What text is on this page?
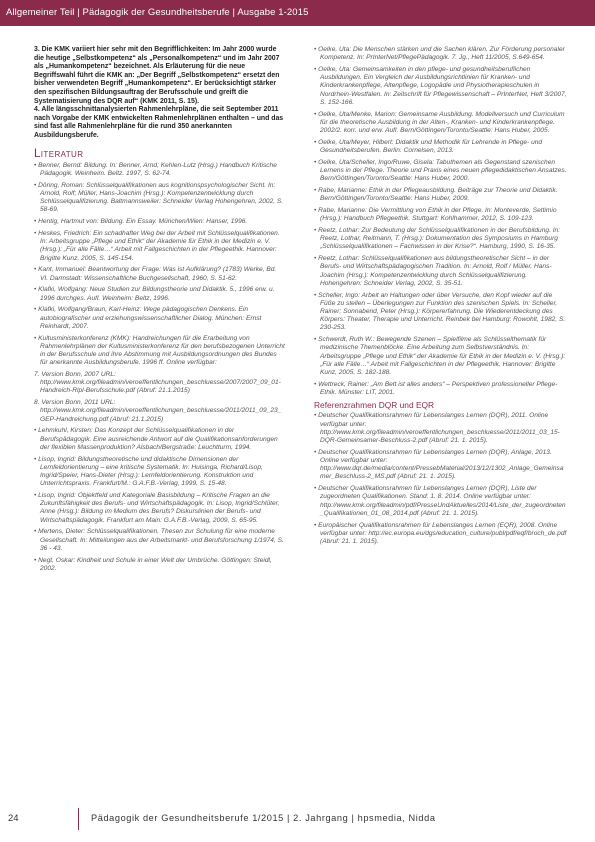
Allgemeiner Teil | Pädagogik der Gesundheitsberufe | Ausgabe 1-2015

3. Die KMK variiert hier sehr mit den Begrifflichkeiten: Im Jahr 2000 wurde die heutige „Selbstkompetenz“ als „Personalkompetenz“ und im Jahr 2007 als „Humankompetenz“ bezeichnet. Als Erläuterung für die neue Begriffswahl führt die KMK an: „Der Begriff „Selbstkompetenz“ ersetzt den bisher verwendeten Begriff „Humankompetenz“. Er berücksichtigt stärker den spezifischen Bildungsauftrag der Berufsschule und greift die Systematisierung des DQR auf“ (KMK 2011, S. 15).

4. Alle längsschnittanalysierten Rahmenlehrpläne, die seit September 2011 nach Vorgabe der KMK entwickelten Rahmenlehrplänen enthalten – und das sind fast alle Rahmenlehrpläne für die rund 350 anerkannten Ausbildungsberufe.

Literatur

• Benner, Bernd: Bildung. In: Benner, Arnd; Kehlen-Lutz (Hrsg.) Handbuch Kritische Pädagogik. Weinheim. Beltz. 1997, S. 62-74.

• Döring, Roman: Schlüsselqualifikationen aus kognitionspsychologischer Sicht. In: Arnold, Rolf; Müller, Hans-Joachim (Hrsg.): Kompetenzentwicklung durch Schlüsselqualifizierung. Baltmannsweiler: Schneider Verlag Hohengehren, 2002, S. 58-69.

• Hentig, Hartmut von: Bildung. Ein Essay. München/Wien: Hanser, 1996.

• Heskes, Friedrich: Ein schadhafter Weg bei der Arbeit mit Schlüsselqualifikationen. In: Arbeitsgruppe „Pflege und Ethik“ der Akademie für Ethik in der Medizin e. V. (Hrsg.): „Für alle Fälle…“ Arbeit mit Fallgeschichten in der Pflegeethik. Hannover: Brigitte Kunz, 2005, S. 145-154.

• Kant, Immanuel: Beantwortung der Frage: Was ist Aufklärung? (1783) Werke, Bd. VI. Darmstadt: Wissenschaftliche Buchgesellschaft, 1960, S. 51-62.

• Klafki, Wolfgang: Neue Studien zur Bildungstheorie und Didaktik. 5., 1996 erw. u. 1996 durchges. Aufl. Weinheim: Beltz, 1996.

• Klafki, Wolfgang/Braun, Karl-Heinz: Wege pädagogischen Denkens. Ein autobiografischer und erziehungswissenschaftlicher Dialog. München: Ernst Reinhardt, 2007.

• Kultusministerkonferenz (KMK): Handreichungen für die Erarbeitung von Rahmenlehrplänen der Kultusministerkonferenz für den berufsbezogenen Unterricht in der Berufsschule und ihre Abstimmung mit Ausbildungsordnungen des Bundes für anerkannte Ausbildungsberufe. 1996 ff. Online verfügbar:

7. Version Bonn, 2007 URL: http://www.kmk.org/fileadmin/veroeffentlichungen_beschluesse/2007/2007_09_01-Handreich-Rlpl-Berufsschule.pdf (Abruf: 21.1.2015)

8. Version Bonn, 2011 URL: http://www.kmk.org/fileadmin/veroeffentlichungen_beschluesse/2011/2011_09_23_GEP-Handreichung.pdf (Abruf: 21.1.2015)

• Lehmkuhl, Kirsten: Das Konzept der Schlüsselqualifikationen in der Berufspädagogik. Eine ausreichende Antwort auf die Qualifikationsanforderungen der flexiblen Massenproduktion? Alsbach/Bergstraße: Leuchtturm, 1994.

• Lisop, Ingrid: Bildungstheoretische und didaktische Dimensionen der Lernfeldorientierung – eine kritische Systematik. In: Huisinga, Richard/Lisop, Ingrid/Speier, Hans-Dieter (Hrsg.): Lernfeldorientierung. Konstruktion und Unterrichtspraxis. Frankfurt/M.: G.A.F.B.-Verlag, 1999, S. 15-48.

• Lisop, Ingrid: Objektfeld und Kategoriale Basisbildung – Kritische Fragen an die Zukunftsfähigkeit des Berufs- und Wirtschaftspädagogik. In: Lisop, Ingrid/Schlüter, Anne (Hrsg.): Bildung im Medium des Berufs? Diskurslinien der Berufs- und Wirtschaftspädagogik. Frankfurt am Main: G.A.F.B.-Verlag, 2009, S. 65-95.

• Mertens, Dieter: Schlüsselqualifikationen. Thesen zur Schulung für eine moderne Gesellschaft. In: Mitteilungen aus der Arbeitsmarkt- und Berufsforschung 1/1974, S. 36 - 43.

• Negt, Oskar: Kindheit und Schule in einer Welt der Umbrüche. Göttingen: Steidl, 2002.

• Oelke, Uta: Die Menschen stärken und die Sachen klären. Zur Förderung personaler Kompetenz. In: PrInterNet/PflegePädagogik. 7. Jg., Heft 11/2005, S.649-654.

• Oelke, Uta: Gemeinsamkeiten in den pflege- und gesundheitsberuflichen Ausbildungen. Ein Vergleich der Ausbildungsrichtlinien für Kranken- und Kinderkrankenpflege, Altenpflege, Logopädie und Physiotherapieschulen in Nordrhein-Westfalen. In: Zeitschrift für Pflegewissenschaft – PrInterNet, Heft 3/2007, S. 152-166.

• Oelke, Uta/Menke, Marion: Gemeinsame Ausbildung. Modellversuch und Curriculum für die theoretische Ausbildung in der Alten-, Kranken- und Kinderkrankenpflege. 2002/2. korr. und erw. Aufl. Bern/Göttingen/Toronto/Seattle: Hans Huber, 2005.

• Oelke, Uta/Meyer, Hilbert: Didaktik und Methodik für Lehrende in Pflege- und Gesundheitsberufen. Berlin: Cornelsen, 2013.

• Oelke, Uta/Scheller, Ingo/Ruwe, Gisela: Tabuthemen als Gegenstand szenischen Lernens in der Pflege. Theorie und Praxis eines neuen pflegedidaktischen Ansatzes. Bern/Göttingen/Toronto/Seattle: Hans Huber, 2000.

• Rabe, Marianne: Ethik in der Pflegeausbildung. Beiträge zur Theorie und Didaktik. Bern/Göttingen/Toronto/Seattle: Hans Huber, 2009.

• Rabe, Marianne: Die Vermittlung von Ethik in der Pflege. In: Monteverde, Settimio (Hrsg.): Handbuch Pflegeethik. Stuttgart: Kohlhammer, 2012, S. 109-123.

• Reetz, Lothar: Zur Bedeutung der Schlüsselqualifikationen in der Berufsbildung. In: Reetz, Lothar, Reitmann, T. (Hrsg.): Dokumentation des Symposiums in Hamburg „Schlüsselqualifikationen – Fachwissen in der Krise?“. Hamburg, 1990, S. 16-35.

• Reetz, Lothar: Schlüsselqualifikationen aus bildungstheoretischer Sicht – in der Berufs- und Wirtschaftspädagogischen Tradition. In: Arnold, Rolf / Müller, Hans-Joachim (Hrsg.): Kompetenzentwicklung durch Schlüsselqualifizierung. Hohengehren: Schneider Verlag, 2002, S. 35-51.

• Scheller, Ingo: Arbeit an Haltungen oder über Versuche, den Kopf wieder auf die Füße zu stellen – Überlegungen zur Funktion des szenischen Spiels. In: Scheller, Rainer; Sonnabend, Peter (Hrsg.): Körpererfahrung. Die Wiederentdeckung des Körpers: Theater, Therapie und Unterricht. Reinbek bei Hamburg: Rowohlt, 1982, S. 230-253.

• Schwerdt, Ruth W.: Bewegende Szenen – Spielfilme als Schlüsselthematik für medizinische Themenblöcke. Eine Arbeitung zum Selbstverständnis. In: Arbeitsgruppe „Pflege und Ethik“ der Akademie für Ethik in der Medizin e. V. (Hrsg.): „Für alle Fälle…“ Arbeit mit Fallgeschichten in der Pflegeethik. Hannover: Brigitte Kunz, 2005, S. 182-188.

• Wettreck, Rainer: „Am Bett ist alles anders“ – Perspektiven professioneller Pflege-Ethik. Münster: LIT, 2001.

Referenzrahmen DQR und EQR

• Deutscher Qualifikationsrahmen für Lebenslanges Lernen (DQR), 2011. Online verfügbar unter: http://www.kmk.org/fileadmin/veroeffentlichungen_beschluesse/2011/2011_03_15-DQR-Gemeinsamer-Beschluss-2.pdf (Abruf: 21. 1. 2015).

• Deutscher Qualifikationsrahmen für Lebenslanges Lernen (DQR), Anlage, 2013. Online verfügbar unter: http://www.dqr.de/media/content/PressebMaterial/2013/12/1302_Anlage_Gemeinsamer_Beschluss-2_MS.pdf (Abruf: 21. 1. 2015).

• Deutscher Qualifikationsrahmen für Lebenslanges Lernen (DQR), Liste der zugeordneten Qualifikationen. Stand: 1. 8. 2014. Online verfügbar unter: http://www.kmk.org/fileadmin/pdf/PresseUndAktuelles/2014/Liste_der_zugeordneten_Qualifikationen_01_08_2014.pdf (Abruf: 21. 1. 2015).

• Europäischer Qualifikationsrahmen für Lebenslanges Lernen (EQR), 2008. Online verfügbar unter: http://ec.europa.eu/dgs/education_culture/publ/pdf/eqf/broch_de.pdf (Abruf: 21. 1. 2015).

24	Pädagogik der Gesundheitsberufe 1/2015 | 2. Jahrgang | hpsmedia, Nidda
